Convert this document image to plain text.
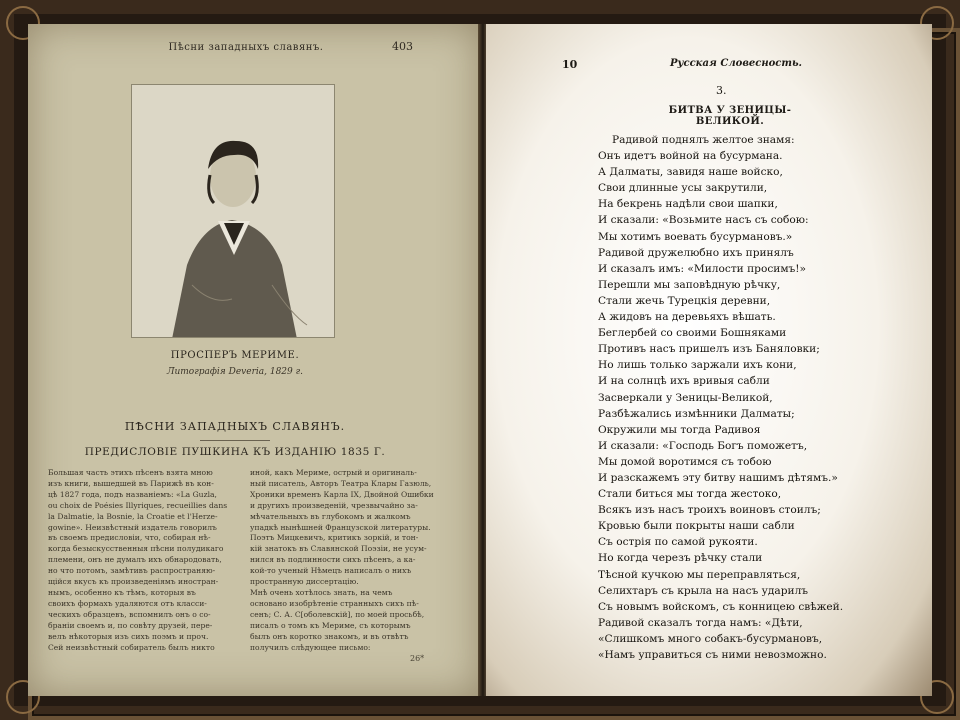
Пѣсни западныхъ славянъ.	403
ПРОСПЕРЪ МЕРИМЕ.
Литографія Deveria, 1829 г.
ПѢСНИ ЗАПАДНЫХЪ СЛАВЯНЪ.
ПРЕДИСЛОВІЕ ПУШКИНА КЪ ИЗДАНІЮ 1835 Г.
Большая часть этихъ пѣсенъ взята мною
изъ книги, вышедшей въ Парижѣ въ кон-
цѣ 1827 года, подъ названіемъ: «La Guzla,
ou choix de Poésies Illyriques, recueillies dans
la Dalmatie, la Bosnie, la Croatie et l'Herze-
gowine». Неизвѣстный издатель говорилъ
въ своемъ предисловіи, что, собирая нѣ-
когда безыскусственныя пѣсни полудикаго
племени, онъ не думалъ ихъ обнародовать,
но что потомъ, замѣтивъ распространяю-
щійся вкусъ къ произведеніямъ иностран-
нымъ, особенно къ тѣмъ, которыя въ
своихъ формахъ удаляются отъ класси-
ческихъ образцевъ, вспомнилъ онъ о со-
браніи своемъ и, по совѣту друзей, пере-
велъ нѣкоторыя изъ сихъ поэмъ и проч.
Сей неизвѣстный собиратель былъ никто
иной, какъ Мериме, острый и оригиналь-
ный писатель, Авторъ Театра Клары Газюль,
Хроники временъ Карла IX, Двойной Ошибки
и другихъ произведеній, чрезвычайно за-
мѣчательныхъ въ глубокомъ и жалкомъ
упадкѣ нынѣшней Французской литературы.
Поэтъ Мицкевичъ, критикъ зоркій, и тон-
кій знатокъ въ Славянской Поэзіи, не усум-
нился въ подлинности сихъ пѣсенъ, а ка-
кой-то ученый Нѣмецъ написалъ о нихъ
пространную диссертацію.
Мнѣ очень хотѣлось знать, на чемъ
основано изобрѣтеніе странныхъ сихъ пѣ-
сенъ; С. А. С[оболевскій], по моей просьбѣ,
писалъ о томъ къ Мериме, съ которымъ
былъ онъ коротко знакомъ, и въ отвѣтъ
получилъ слѣдующее письмо:
26*
10	Русская Словесность.
3.
БИТВА У ЗЕНИЦЫ-ВЕЛИКОЙ.
Радивой поднялъ желтое знамя:
Онъ идетъ войной на бусурмана.
А Далматы, завидя наше войско,
Свои длинные усы закрутили,
На бекрень надѣли свои шапки,
И сказали: «Возьмите насъ съ собою:
Мы хотимъ воевать бусурмановъ.»
Радивой дружелюбно ихъ принялъ
И сказалъ имъ: «Милости просимъ!»
Перешли мы заповѣдную рѣчку,
Стали жечь Турецкія деревни,
А жидовъ на деревьяхъ вѣшать.
Беглербей со своими Бошняками
Противъ насъ пришелъ изъ Баняловки;
Но лишь только заржали ихъ кони,
И на солнцѣ ихъ вривыя сабли
Засверкали у Зеницы-Великой,
Разбѣжались измѣнники Далматы;
Окружили мы тогда Радивоя
И сказали: «Господь Богъ поможетъ,
Мы домой воротимся съ тобою
И разскажемъ эту битву нашимъ дѣтямъ.»
Стали биться мы тогда жестоко,
Всякъ изъ насъ троихъ воиновъ стоилъ;
Кровью были покрыты наши сабли
Съ острія по самой рукояти.
Но когда черезъ рѣчку стали
Тѣсной кучкою мы переправляться,
Селихтаръ съ крыла на насъ ударилъ
Съ новымъ войскомъ, съ конницею свѣжей.
Радивой сказалъ тогда намъ: «Дѣти,
«Слишкомъ много собакъ-бусурмановъ,
«Намъ управиться съ ними невозможно.
